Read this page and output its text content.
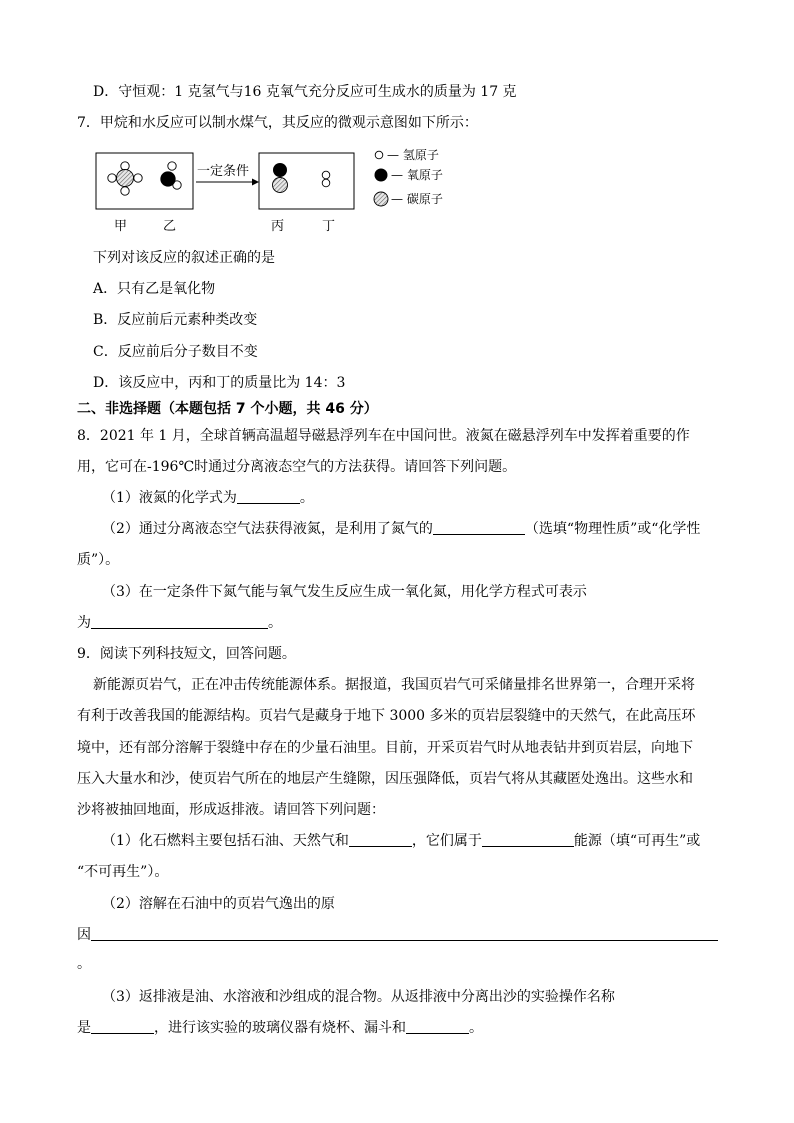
D．守恒观：1 克氢气与16 克氧气充分反应可生成水的质量为 17 克
7．甲烷和水反应可以制水煤气，其反应的微观示意图如下所示：
一定条件
甲	乙	丙	丁
— 氢原子
— 氧原子
— 碳原子
下列对该反应的叙述正确的是
A．只有乙是氧化物
B．反应前后元素种类改变
C．反应前后分子数目不变
D．该反应中，丙和丁的质量比为 14：3
二、非选择题（本题包括 7 个小题，共 46 分）
8．2021 年 1 月，全球首辆高温超导磁悬浮列车在中国问世。液氮在磁悬浮列车中发挥着重要的作
用，它可在-196℃时通过分离液态空气的方法获得。请回答下列问题。
（1）液氮的化学式为	。
（2）通过分离液态空气法获得液氮，是利用了氮气的	（选填“物理性质”或“化学性
质”）。
（3）在一定条件下氮气能与氧气发生反应生成一氧化氮，用化学方程式可表示
为	。
9．阅读下列科技短文，回答问题。
新能源页岩气，正在冲击传统能源体系。据报道，我国页岩气可采储量排名世界第一，合理开采将
有利于改善我国的能源结构。页岩气是藏身于地下 3000 多米的页岩层裂缝中的天然气，在此高压环
境中，还有部分溶解于裂缝中存在的少量石油里。目前，开采页岩气时从地表钻井到页岩层，向地下
压入大量水和沙，使页岩气所在的地层产生缝隙，因压强降低，页岩气将从其藏匿处逸出。这些水和
沙将被抽回地面，形成返排液。请回答下列问题：
（1）化石燃料主要包括石油、天然气和	，它们属于	能源（填“可再生”或
“不可再生”）。
（2）溶解在石油中的页岩气逸出的原
因
。
（3）返排液是油、水溶液和沙组成的混合物。从返排液中分离出沙的实验操作名称
是	，进行该实验的玻璃仪器有烧杯、漏斗和	。
